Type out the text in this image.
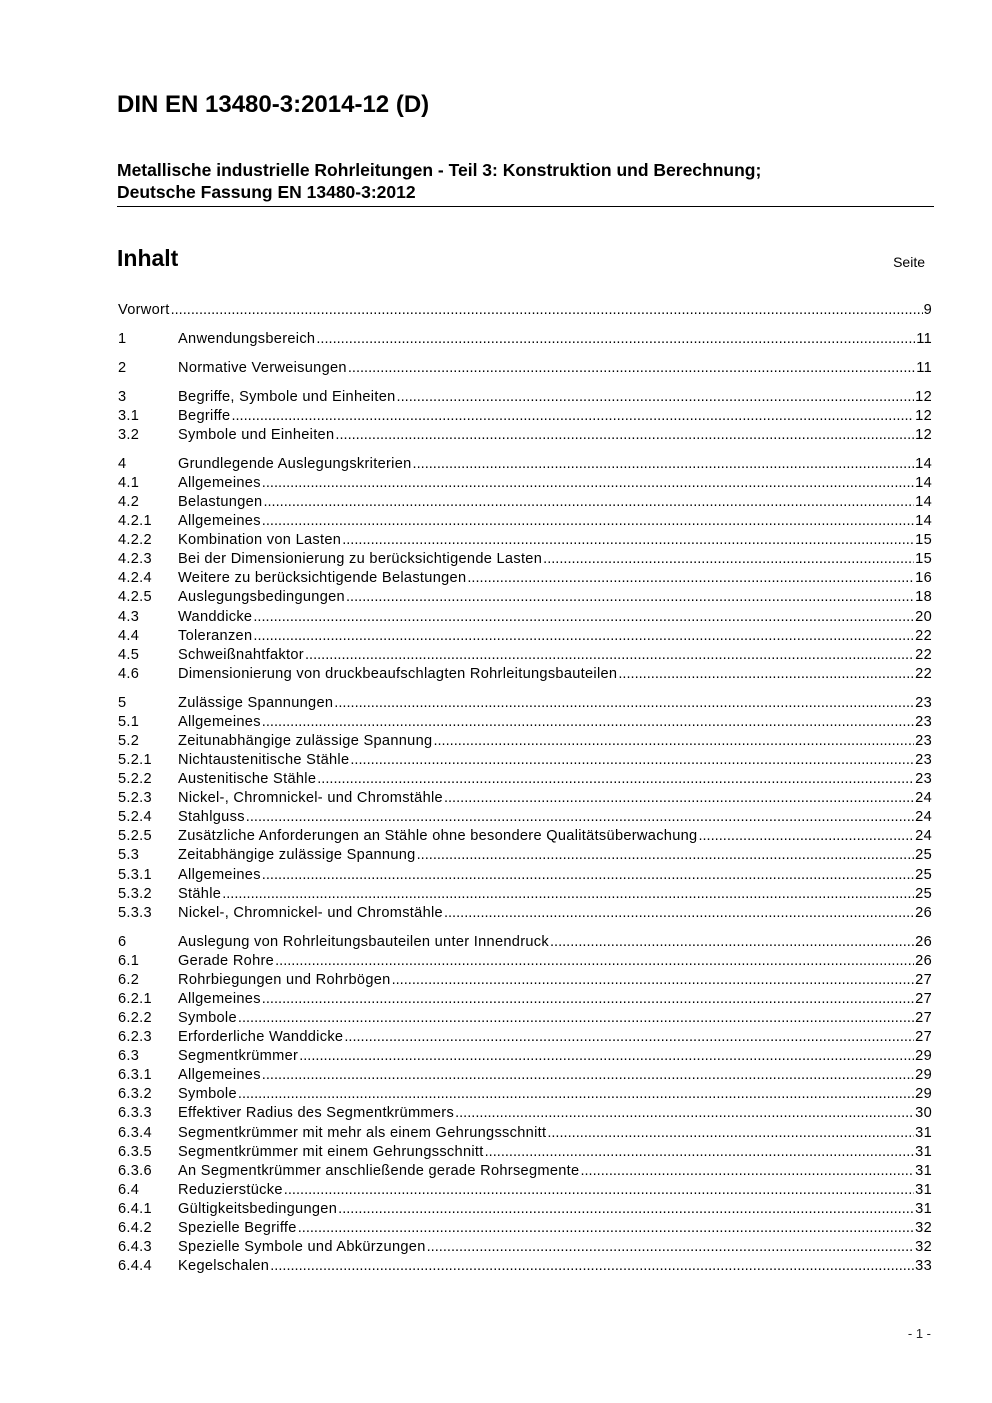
DIN EN 13480-3:2014-12 (D)
Metallische industrielle Rohrleitungen - Teil 3: Konstruktion und Berechnung;
Deutsche Fassung EN 13480-3:2012
Inhalt	Seite
Vorwort .....	9
1	Anwendungsbereich .....	11
2	Normative Verweisungen .....	11
3	Begriffe, Symbole und Einheiten .....	12
3.1	Begriffe .....	12
3.2	Symbole und Einheiten .....	12
4	Grundlegende Auslegungskriterien .....	14
4.1	Allgemeines .....	14
4.2	Belastungen .....	14
4.2.1	Allgemeines .....	14
4.2.2	Kombination von Lasten .....	15
4.2.3	Bei der Dimensionierung zu berücksichtigende Lasten .....	15
4.2.4	Weitere zu berücksichtigende Belastungen .....	16
4.2.5	Auslegungsbedingungen .....	18
4.3	Wanddicke .....	20
4.4	Toleranzen .....	22
4.5	Schweißnahtfaktor .....	22
4.6	Dimensionierung von druckbeaufschlagten Rohrleitungsbauteilen .....	22
5	Zulässige Spannungen .....	23
5.1	Allgemeines .....	23
5.2	Zeitunabhängige zulässige Spannung .....	23
5.2.1	Nichtaustenitische Stähle .....	23
5.2.2	Austenitische Stähle .....	23
5.2.3	Nickel-, Chromnickel- und Chromstähle .....	24
5.2.4	Stahlguss .....	24
5.2.5	Zusätzliche Anforderungen an Stähle ohne besondere Qualitätsüberwachung .....	24
5.3	Zeitabhängige zulässige Spannung .....	25
5.3.1	Allgemeines .....	25
5.3.2	Stähle .....	25
5.3.3	Nickel-, Chromnickel- und Chromstähle .....	26
6	Auslegung von Rohrleitungsbauteilen unter Innendruck .....	26
6.1	Gerade Rohre .....	26
6.2	Rohrbiegungen und Rohrbögen .....	27
6.2.1	Allgemeines .....	27
6.2.2	Symbole .....	27
6.2.3	Erforderliche Wanddicke .....	27
6.3	Segmentkrümmer .....	29
6.3.1	Allgemeines .....	29
6.3.2	Symbole .....	29
6.3.3	Effektiver Radius des Segmentkrümmers .....	30
6.3.4	Segmentkrümmer mit mehr als einem Gehrungsschnitt .....	31
6.3.5	Segmentkrümmer mit einem Gehrungsschnitt .....	31
6.3.6	An Segmentkrümmer anschließende gerade Rohrsegmente .....	31
6.4	Reduzierstücke .....	31
6.4.1	Gültigkeitsbedingungen .....	31
6.4.2	Spezielle Begriffe .....	32
6.4.3	Spezielle Symbole und Abkürzungen .....	32
6.4.4	Kegelschalen .....	33
- 1 -
